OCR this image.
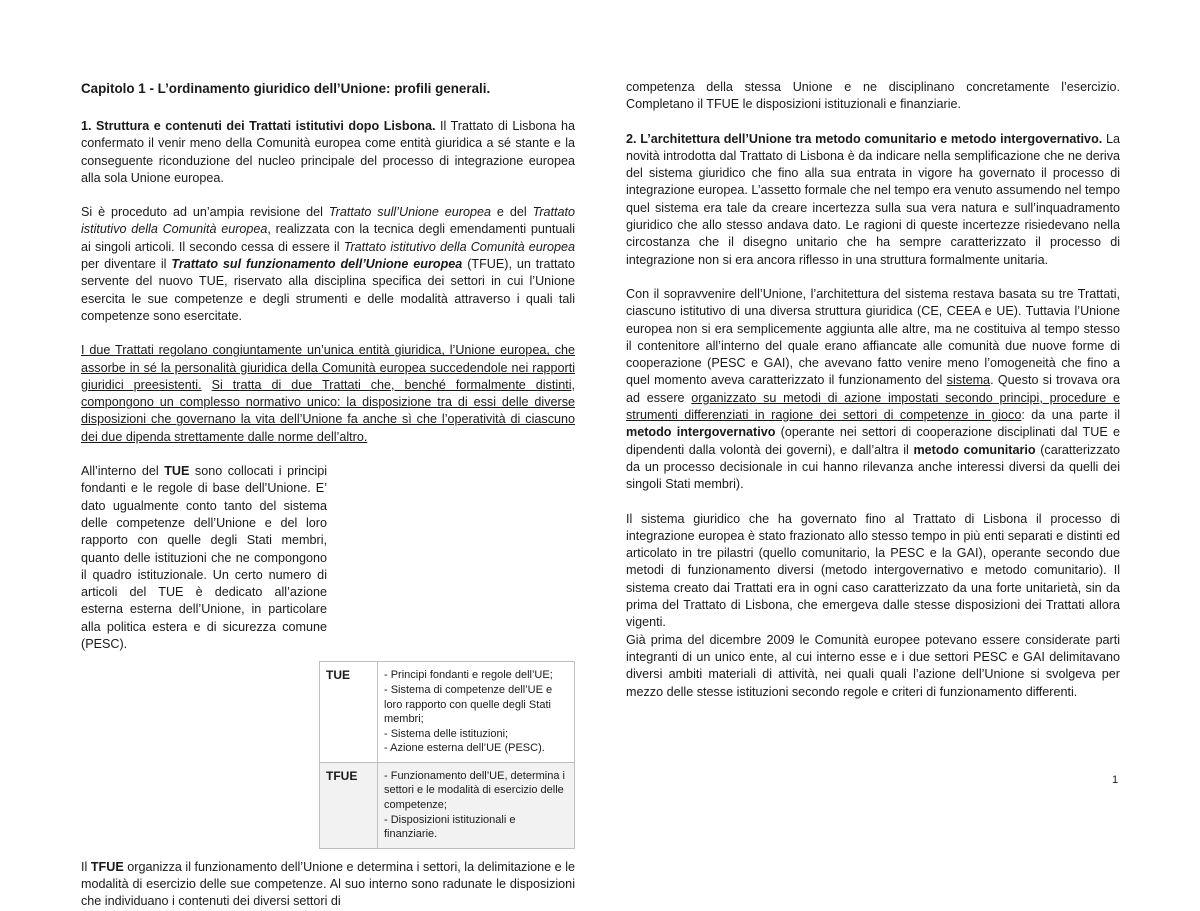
Capitolo 1 - L’ordinamento giuridico dell’Unione: profili generali.

1. Struttura e contenuti dei Trattati istitutivi dopo Lisbona. Il Trattato di Lisbona ha confermato il venir meno della Comunità europea come entità giuridica a sé stante e la conseguente riconduzione del nucleo principale del processo di integrazione europea alla sola Unione europea.

Si è proceduto ad un’ampia revisione del Trattato sull’Unione europea e del Trattato istitutivo della Comunità europea, realizzata con la tecnica degli emendamenti puntuali ai singoli articoli. Il secondo cessa di essere il Trattato istitutivo della Comunità europea per diventare il Trattato sul funzionamento dell’Unione europea (TFUE), un trattato servente del nuovo TUE, riservato alla disciplina specifica dei settori in cui l’Unione esercita le sue competenze e degli strumenti e delle modalità attraverso i quali tali competenze sono esercitate.

I due Trattati regolano congiuntamente un’unica entità giuridica, l’Unione europea, che assorbe in sé la personalità giuridica della Comunità europea succedendole nei rapporti giuridici preesistenti. Si tratta di due Trattati che, benché formalmente distinti, compongono un complesso normativo unico: la disposizione tra di essi delle diverse disposizioni che governano la vita dell’Unione fa anche sì che l’operatività di ciascuno dei due dipenda strettamente dalle norme dell’altro.

All’interno del TUE sono collocati i principi fondanti e le regole di base dell’Unione. E’ dato ugualmente conto tanto del sistema delle competenze dell’Unione e del loro rapporto con quelle degli Stati membri, quanto delle istituzioni che ne compongono il quadro istituzionale. Un certo numero di articoli del TUE è dedicato all’azione esterna esterna dell’Unione, in particolare alla politica estera e di sicurezza comune (PESC).

TUE	- Principi fondanti e regole dell’UE;
- Sistema di competenze dell’UE e loro rapporto con quelle degli Stati membri;
- Sistema delle istituzioni;
- Azione esterna dell’UE (PESC).

TFUE	- Funzionamento dell’UE, determina i settori e le modalità di esercizio delle competenze;
- Disposizioni istituzionali e finanziarie.

Il TFUE organizza il funzionamento dell’Unione e determina i settori, la delimitazione e le modalità di esercizio delle sue competenze. Al suo interno sono radunate le disposizioni che individuano i contenuti dei diversi settori di

competenza della stessa Unione e ne disciplinano concretamente l’esercizio. Completano il TFUE le disposizioni istituzionali e finanziarie.

2. L’architettura dell’Unione tra metodo comunitario e metodo intergovernativo. La novità introdotta dal Trattato di Lisbona è da indicare nella semplificazione che ne deriva del sistema giuridico che fino alla sua entrata in vigore ha governato il processo di integrazione europea. L’assetto formale che nel tempo era venuto assumendo nel tempo quel sistema era tale da creare incertezza sulla sua vera natura e sull’inquadramento giuridico che allo stesso andava dato. Le ragioni di queste incertezze risiedevano nella circostanza che il disegno unitario che ha sempre caratterizzato il processo di integrazione non si era ancora riflesso in una struttura formalmente unitaria.

Con il sopravvenire dell’Unione, l’architettura del sistema restava basata su tre Trattati, ciascuno istitutivo di una diversa struttura giuridica (CE, CEEA e UE). Tuttavia l’Unione europea non si era semplicemente aggiunta alle altre, ma ne costituiva al tempo stesso il contenitore all’interno del quale erano affiancate alle comunità due nuove forme di cooperazione (PESC e GAI), che avevano fatto venire meno l’omogeneità che fino a quel momento aveva caratterizzato il funzionamento del sistema. Questo si trovava ora ad essere organizzato su metodi di azione impostati secondo principi, procedure e strumenti differenziati in ragione dei settori di competenze in gioco: da una parte il metodo intergovernativo (operante nei settori di cooperazione disciplinati dal TUE e dipendenti dalla volontà dei governi), e dall’altra il metodo comunitario (caratterizzato da un processo decisionale in cui hanno rilevanza anche interessi diversi da quelli dei singoli Stati membri).

Il sistema giuridico che ha governato fino al Trattato di Lisbona il processo di integrazione europea è stato frazionato allo stesso tempo in più enti separati e distinti ed articolato in tre pilastri (quello comunitario, la PESC e la GAI), operante secondo due metodi di funzionamento diversi (metodo intergovernativo e metodo comunitario). Il sistema creato dai Trattati era in ogni caso caratterizzato da una forte unitarietà, sin da prima del Trattato di Lisbona, che emergeva dalle stesse disposizioni dei Trattati allora vigenti.

Già prima del dicembre 2009 le Comunità europee potevano essere considerate parti integranti di un unico ente, al cui interno esse e i due settori PESC e GAI delimitavano diversi ambiti materiali di attività, nei quali quali l’azione dell’Unione si svolgeva per mezzo delle stesse istituzioni secondo regole e criteri di funzionamento differenti.

1
